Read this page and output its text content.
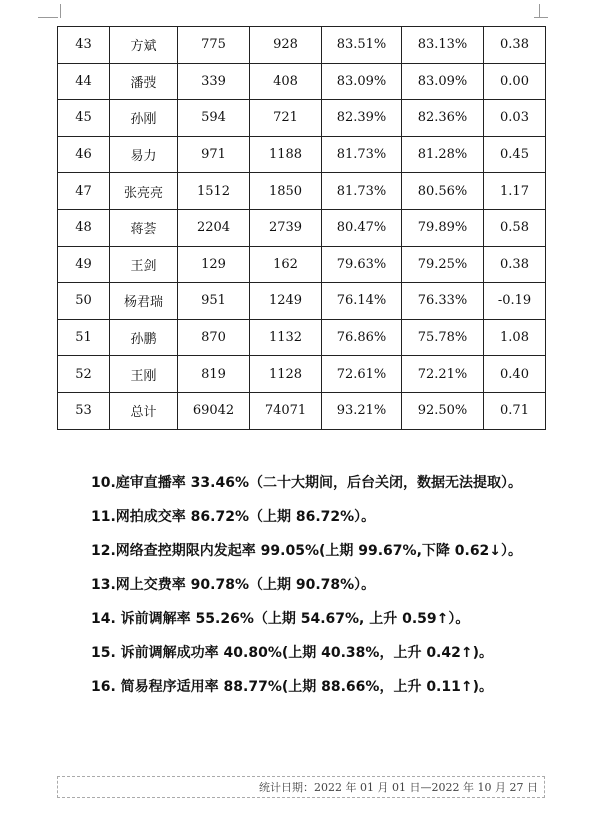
43	方斌	775	928	83.51%	83.13%	0.38
44	潘弢	339	408	83.09%	83.09%	0.00
45	孙刚	594	721	82.39%	82.36%	0.03
46	易力	971	1188	81.73%	81.28%	0.45
47	张亮亮	1512	1850	81.73%	80.56%	1.17
48	蒋荟	2204	2739	80.47%	79.89%	0.58
49	王剑	129	162	79.63%	79.25%	0.38
50	杨君瑞	951	1249	76.14%	76.33%	-0.19
51	孙鹏	870	1132	76.86%	75.78%	1.08
52	王刚	819	1128	72.61%	72.21%	0.40
53	总计	69042	74071	93.21%	92.50%	0.71

10.庭审直播率 33.46%（二十大期间，后台关闭，数据无法提取）。

11.网拍成交率 86.72%（上期 86.72%）。

12.网络查控期限内发起率 99.05%(上期 99.67%,下降 0.62↓）。

13.网上交费率 90.78%（上期 90.78%）。

14. 诉前调解率 55.26%（上期 54.67%, 上升 0.59↑）。

15. 诉前调解成功率 40.80%(上期 40.38%，上升 0.42↑)。

16. 简易程序适用率 88.77%(上期 88.66%，上升 0.11↑)。

统计日期：2022 年 01 月 01 日—2022 年 10 月 27 日
